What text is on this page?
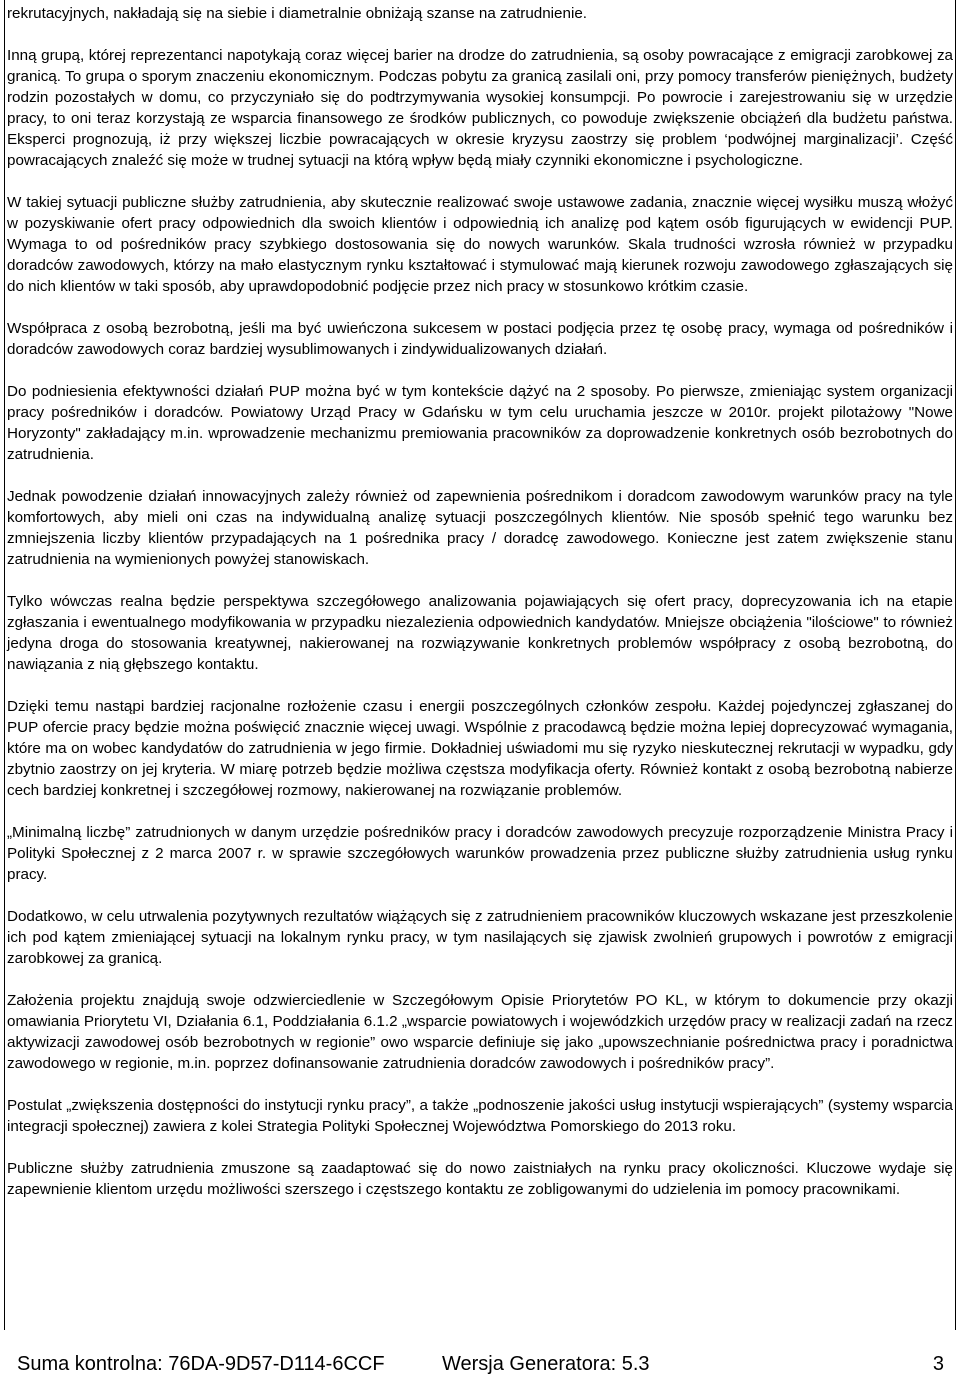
rekrutacyjnych, nakładają się na siebie i diametralnie obniżają szanse na zatrudnienie.

Inną grupą, której reprezentanci napotykają coraz więcej barier na drodze do zatrudnienia, są osoby powracające z emigracji zarobkowej za granicą. To grupa o sporym znaczeniu ekonomicznym. Podczas pobytu za granicą zasilali oni, przy pomocy transferów pieniężnych, budżety rodzin pozostałych w domu, co przyczyniało się do podtrzymywania wysokiej konsumpcji. Po powrocie i zarejestrowaniu się w urzędzie pracy, to oni teraz korzystają ze wsparcia finansowego ze środków publicznych, co powoduje zwiększenie obciążeń dla budżetu państwa. Eksperci prognozują, iż przy większej liczbie powracających w okresie kryzysu zaostrzy się problem ‘podwójnej marginalizacji’. Część powracających znaleźć się może w trudnej sytuacji na którą wpływ będą miały czynniki ekonomiczne i psychologiczne.

W takiej sytuacji publiczne służby zatrudnienia, aby skutecznie realizować swoje ustawowe zadania, znacznie więcej wysiłku muszą włożyć w pozyskiwanie ofert pracy odpowiednich dla swoich klientów i odpowiednią ich analizę pod kątem osób figurujących w ewidencji PUP. Wymaga to od pośredników pracy szybkiego dostosowania się do nowych warunków. Skala trudności wzrosła również w przypadku doradców zawodowych, którzy na mało elastycznym rynku kształtować i stymulować mają kierunek rozwoju zawodowego zgłaszających się do nich klientów w taki sposób, aby uprawdopodobnić podjęcie przez nich pracy w stosunkowo krótkim czasie.

Współpraca z osobą bezrobotną, jeśli ma być uwieńczona sukcesem w postaci podjęcia przez tę osobę pracy, wymaga od pośredników i doradców zawodowych coraz bardziej wysublimowanych i zindywidualizowanych działań.

Do podniesienia efektywności działań PUP można być w tym kontekście dążyć na 2 sposoby. Po pierwsze, zmieniając system organizacji pracy pośredników i doradców. Powiatowy Urząd Pracy w Gdańsku w tym celu uruchamia jeszcze w 2010r. projekt pilotażowy "Nowe Horyzonty" zakładający m.in. wprowadzenie mechanizmu premiowania pracowników za doprowadzenie konkretnych osób bezrobotnych do zatrudnienia.

Jednak powodzenie działań innowacyjnych zależy również od zapewnienia pośrednikom i doradcom zawodowym warunków pracy na tyle komfortowych, aby mieli oni czas na indywidualną analizę sytuacji poszczególnych klientów. Nie sposób spełnić tego warunku bez zmniejszenia liczby klientów przypadających na 1 pośrednika pracy / doradcę zawodowego. Konieczne jest zatem zwiększenie stanu zatrudnienia na wymienionych powyżej stanowiskach.

Tylko wówczas realna będzie perspektywa szczegółowego analizowania pojawiających się ofert pracy, doprecyzowania ich na etapie zgłaszania i ewentualnego modyfikowania w przypadku niezalezienia odpowiednich kandydatów. Mniejsze obciążenia "ilościowe" to również jedyna droga do stosowania kreatywnej, nakierowanej na rozwiązywanie konkretnych problemów współpracy z osobą bezrobotną, do nawiązania z nią głębszego kontaktu.

Dzięki temu nastąpi bardziej racjonalne rozłożenie czasu i energii poszczególnych członków zespołu. Każdej pojedynczej zgłaszanej do PUP ofercie pracy będzie można poświęcić znacznie więcej uwagi. Wspólnie z pracodawcą będzie można lepiej doprecyzować wymagania, które ma on wobec kandydatów do zatrudnienia w jego firmie. Dokładniej uświadomi mu się ryzyko nieskutecznej rekrutacji w wypadku, gdy zbytnio zaostrzy on jej kryteria. W miarę potrzeb będzie możliwa częstsza modyfikacja oferty. Również kontakt z osobą bezrobotną nabierze cech bardziej konkretnej i szczegółowej rozmowy, nakierowanej na rozwiązanie problemów.

„Minimalną liczbę” zatrudnionych w danym urzędzie pośredników pracy i doradców zawodowych precyzuje rozporządzenie Ministra Pracy i Polityki Społecznej z 2 marca 2007 r. w sprawie szczegółowych warunków prowadzenia przez publiczne służby zatrudnienia usług rynku pracy.

Dodatkowo, w celu utrwalenia pozytywnych rezultatów wiążących się z zatrudnieniem pracowników kluczowych wskazane jest przeszkolenie ich pod kątem zmieniającej sytuacji na lokalnym rynku pracy, w tym nasilających się zjawisk zwolnień grupowych i powrotów z emigracji zarobkowej za granicą.

Założenia projektu znajdują swoje odzwierciedlenie w Szczegółowym Opisie Priorytetów PO KL, w którym to dokumencie przy okazji omawiania Priorytetu VI, Działania 6.1, Poddziałania 6.1.2 „wsparcie powiatowych i wojewódzkich urzędów pracy w realizacji zadań na rzecz aktywizacji zawodowej osób bezrobotnych w regionie” owo wsparcie definiuje się jako „upowszechnianie pośrednictwa pracy i poradnictwa zawodowego w regionie, m.in. poprzez dofinansowanie zatrudnienia doradców zawodowych i pośredników pracy”.

Postulat „zwiększenia dostępności do instytucji rynku pracy”, a także „podnoszenie jakości usług instytucji wspierających” (systemy wsparcia integracji społecznej) zawiera z kolei Strategia Polityki Społecznej Województwa Pomorskiego do 2013 roku.

Publiczne służby zatrudnienia zmuszone są zaadaptować się do nowo zaistniałych na rynku pracy okoliczności. Kluczowe wydaje się zapewnienie klientom urzędu możliwości szerszego i częstszego kontaktu ze zobligowanymi do udzielenia im pomocy pracownikami.

Suma kontrolna: 76DA-9D57-D114-6CCF	Wersja Generatora: 5.3	3
